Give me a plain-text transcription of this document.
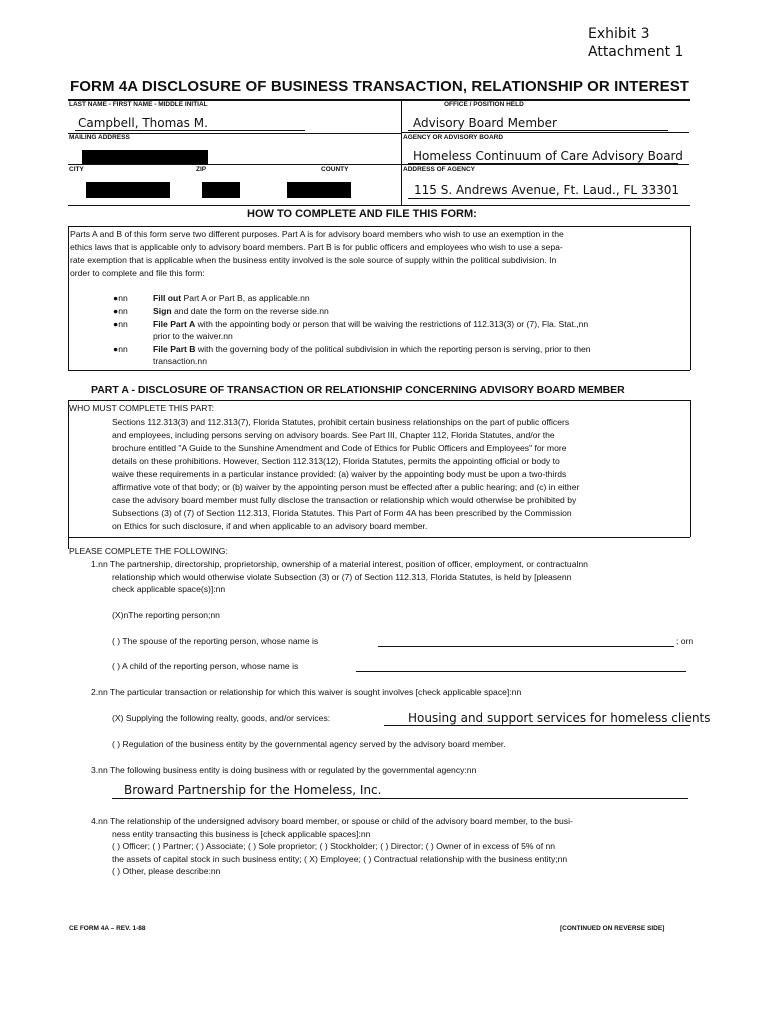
Exhibit 3
Attachment 1
FORM 4A DISCLOSURE OF BUSINESS TRANSACTION, RELATIONSHIP OR INTEREST
LAST NAME - FIRST NAME - MIDDLE INITIAL
Campbell, Thomas M.
OFFICE / POSITION HELD
Advisory Board Member
MAILING ADDRESS	AGENCY OR ADVISORY BOARD
Homeless Continuum of Care Advisory Board
CITY	ZIP	COUNTY	ADDRESS OF AGENCY
115 S. Andrews Avenue, Ft. Laud., FL 33301
HOW TO COMPLETE AND FILE THIS FORM:
Parts A and B of this form serve two different purposes. Part A is for advisory board members who wish to use an exemption in the
ethics laws that is applicable only to advisory board members. Part B is for public officers and employees who wish to use a sepa-
rate exemption that is applicable when the business entity involved is the sole source of supply within the political subdivision. In
order to complete and file this form:
●nn	Fill out Part A or Part B, as applicable.nn
●nn	Sign and date the form on the reverse side.nn
●nn	File Part A with the appointing body or person that will be waiving the restrictions of 112.313(3) or (7), Fla. Stat.,nn
prior to the waiver.nn
●nn	File Part B with the governing body of the political subdivision in which the reporting person is serving, prior to then
transaction.nn
PART A - DISCLOSURE OF TRANSACTION OR RELATIONSHIP CONCERNING ADVISORY BOARD MEMBER
WHO MUST COMPLETE THIS PART:
Sections 112.313(3) and 112.313(7), Florida Statutes, prohibit certain business relationships on the part of public officers
and employees, including persons serving on advisory boards. See Part III, Chapter 112, Florida Statutes, and/or the
brochure entitled "A Guide to the Sunshine Amendment and Code of Ethics for Public Officers and Employees" for more
details on these prohibitions. However, Section 112.313(12), Florida Statutes, permits the appointing official or body to
waive these requirements in a particular instance provided: (a) waiver by the appointing body must be upon a two-thirds
affirmative vote of that body; or (b) waiver by the appointing person must be effected after a public hearing; and (c) in either
case the advisory board member must fully disclose the transaction or relationship which would otherwise be prohibited by
Subsections (3) of (7) of Section 112.313, Florida Statutes. This Part of Form 4A has been prescribed by the Commission
on Ethics for such disclosure, if and when applicable to an advisory board member.
PLEASE COMPLETE THE FOLLOWING:
1.nn The partnership, directorship, proprietorship, ownership of a material interest, position of officer, employment, or contractualnn
relationship which would otherwise violate Subsection (3) or (7) of Section 112.313, Florida Statutes, is held by [pleasenn
check applicable space(s)]:nn
(X)nThe reporting person;nn
( ) The spouse of the reporting person, whose name is	; orn
( ) A child of the reporting person, whose name is
2.nn The particular transaction or relationship for which this waiver is sought involves [check applicable space]:nn
(X) Supplying the following realty, goods, and/or services:	Housing and support services for homeless clients
( ) Regulation of the business entity by the governmental agency served by the advisory board member.
3.nn The following business entity is doing business with or regulated by the governmental agency:nn
Broward Partnership for the Homeless, Inc.
4.nn The relationship of the undersigned advisory board member, or spouse or child of the advisory board member, to the busi-
ness entity transacting this business is [check applicable spaces]:nn
( ) Officer; ( ) Partner; ( ) Associate; ( ) Sole proprietor; ( ) Stockholder; ( ) Director; ( ) Owner of in excess of 5% of nn
the assets of capital stock in such business entity; ( X) Employee; ( ) Contractual relationship with the business entity;nn
( ) Other, please describe:nn
CE FORM 4A – REV. 1-88	[CONTINUED ON REVERSE SIDE]
